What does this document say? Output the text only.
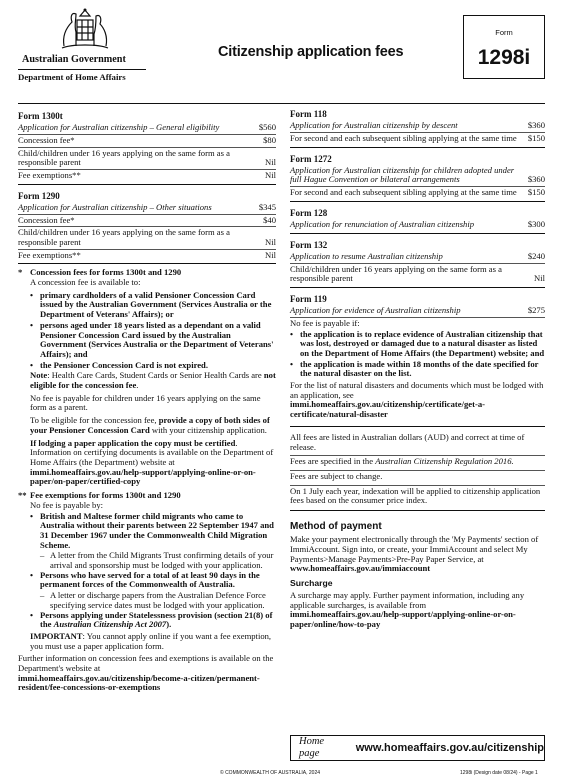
Australian Government
Department of Home Affairs
Citizenship application fees
Form
1298i
Form 1300t
Application for Australian citizenship – General eligibility	$560
Concession fee*	$80
Child/children under 16 years applying on the same form as a responsible parent	Nil
Fee exemptions**	Nil
Form 1290
Application for Australian citizenship – Other situations	$345
Concession fee*	$40
Child/children under 16 years applying on the same form as a responsible parent	Nil
Fee exemptions**	Nil
* Concession fees for forms 1300t and 1290

A concession fee is available to:

• primary cardholders of a valid Pensioner Concession Card issued by the Australian Government (Services Australia or the Department of Veterans' Affairs); or
• persons aged under 18 years listed as a dependant on a valid Pensioner Concession Card issued by the Australian Government (Services Australia or the Department of Veterans' Affairs); and
• the Pensioner Concession Card is not expired.

Note: Health Care Cards, Student Cards or Senior Health Cards are not eligible for the concession fee.

No fee is payable for children under 16 years applying on the same form as a parent.

To be eligible for the concession fee, provide a copy of both sides of your Pensioner Concession Card with your citizenship application.

If lodging a paper application the copy must be certified. Information on certifying documents is available on the Department of Home Affairs (the Department) website at
immi.homeaffairs.gov.au/help-support/applying-online-or-on-paper/on-paper/certified-copy

** Fee exemptions for forms 1300t and 1290

No fee is payable by:

• British and Maltese former child migrants who came to Australia without their parents between 22 September 1947 and 31 December 1967 under the Commonwealth Child Migration Scheme.
– A letter from the Child Migrants Trust confirming details of your arrival and sponsorship must be lodged with your application.
• Persons who have served for a total of at least 90 days in the permanent forces of the Commonwealth of Australia.
– A letter or discharge papers from the Australian Defence Force specifying service dates must be lodged with your application.
• Persons applying under Statelessness provision (section 21(8) of the Australian Citizenship Act 2007).

IMPORTANT: You cannot apply online if you want a fee exemption, you must use a paper application form.

Further information on concession fees and exemptions is available on the Department's website at
immi.homeaffairs.gov.au/citizenship/become-a-citizen/permanent-resident/fee-concessions-or-exemptions

Form 118
Application for Australian citizenship by descent	$360
For second and each subsequent sibling applying at the same time	$150
Form 1272
Application for Australian citizenship for children adopted under full Hague Convention or bilateral arrangements	$360
For second and each subsequent sibling applying at the same time	$150
Form 128
Application for renunciation of Australian citizenship	$300
Form 132
Application to resume Australian citizenship	$240
Child/children under 16 years applying on the same form as a responsible parent	Nil
Form 119
Application for evidence of Australian citizenship	$275

No fee is payable if:

• the application is to replace evidence of Australian citizenship that was lost, destroyed or damaged due to a natural disaster as listed on the Department of Home Affairs (the Department) website; and
• the application is made within 18 months of the date specified for the natural disaster on the list.

For the list of natural disasters and documents which must be lodged with an application, see
immi.homeaffairs.gov.au/citizenship/certificate/get-a-certificate/natural-disaster

All fees are listed in Australian dollars (AUD) and correct at time of release.

Fees are specified in the Australian Citizenship Regulation 2016.

Fees are subject to change.

On 1 July each year, indexation will be applied to citizenship application fees based on the consumer price index.

Method of payment

Make your payment electronically through the 'My Payments' section of ImmiAccount. Sign into, or create, your ImmiAccount and select My Payments>Manage Payments>Pre-Pay Paper Service, at www.homeaffairs.gov.au/immiaccount

Surcharge

A surcharge may apply. Further payment information, including any applicable surcharges, is available from
immi.homeaffairs.gov.au/help-support/applying-online-or-on-paper/online/how-to-pay

Home page	www.homeaffairs.gov.au/citizenship
© COMMONWEALTH OF AUSTRALIA, 2024	1298i (Design date 08/24) - Page 1
